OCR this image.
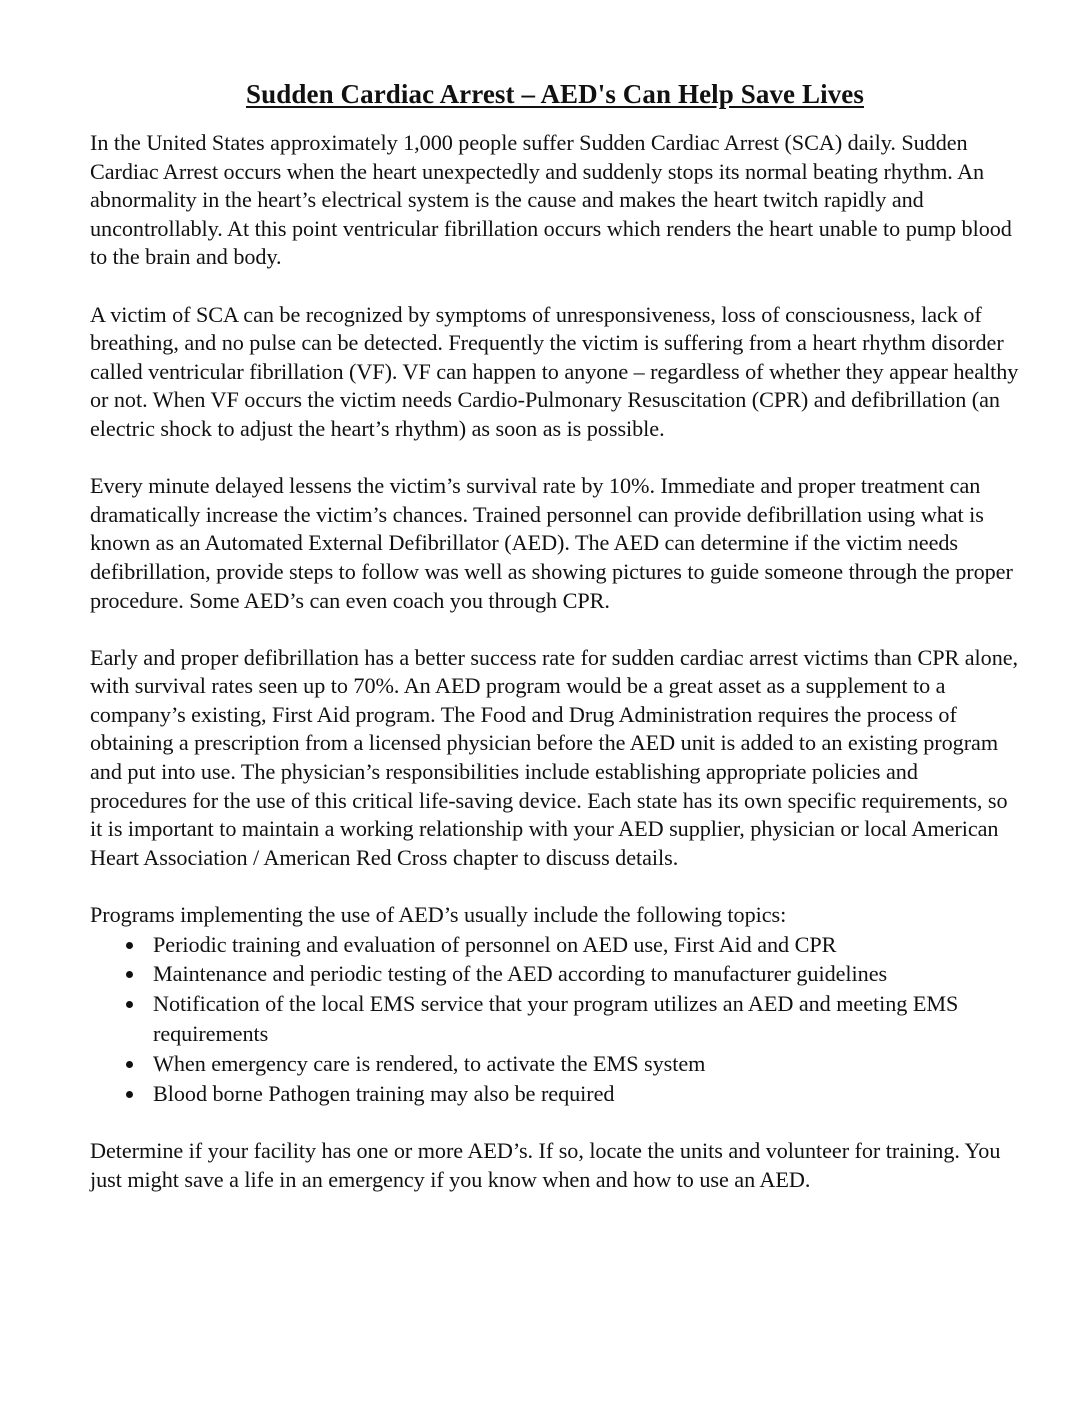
Sudden Cardiac Arrest – AED's Can Help Save Lives

In the United States approximately 1,000 people suffer Sudden Cardiac Arrest (SCA) daily. Sudden Cardiac Arrest occurs when the heart unexpectedly and suddenly stops its normal beating rhythm. An abnormality in the heart’s electrical system is the cause and makes the heart twitch rapidly and uncontrollably. At this point ventricular fibrillation occurs which renders the heart unable to pump blood to the brain and body.

A victim of SCA can be recognized by symptoms of unresponsiveness, loss of consciousness, lack of breathing, and no pulse can be detected. Frequently the victim is suffering from a heart rhythm disorder called ventricular fibrillation (VF). VF can happen to anyone – regardless of whether they appear healthy or not. When VF occurs the victim needs Cardio-Pulmonary Resuscitation (CPR) and defibrillation (an electric shock to adjust the heart’s rhythm) as soon as is possible.

Every minute delayed lessens the victim’s survival rate by 10%. Immediate and proper treatment can dramatically increase the victim’s chances. Trained personnel can provide defibrillation using what is known as an Automated External Defibrillator (AED). The AED can determine if the victim needs defibrillation, provide steps to follow was well as showing pictures to guide someone through the proper procedure. Some AED’s can even coach you through CPR.

Early and proper defibrillation has a better success rate for sudden cardiac arrest victims than CPR alone, with survival rates seen up to 70%. An AED program would be a great asset as a supplement to a company’s existing, First Aid program. The Food and Drug Administration requires the process of obtaining a prescription from a licensed physician before the AED unit is added to an existing program and put into use. The physician’s responsibilities include establishing appropriate policies and procedures for the use of this critical life-saving device. Each state has its own specific requirements, so it is important to maintain a working relationship with your AED supplier, physician or local American Heart Association / American Red Cross chapter to discuss details.

Programs implementing the use of AED’s usually include the following topics:

Periodic training and evaluation of personnel on AED use, First Aid and CPR
Maintenance and periodic testing of the AED according to manufacturer guidelines
Notification of the local EMS service that your program utilizes an AED and meeting EMS requirements
When emergency care is rendered, to activate the EMS system
Blood borne Pathogen training may also be required

Determine if your facility has one or more AED’s. If so, locate the units and volunteer for training. You just might save a life in an emergency if you know when and how to use an AED.
